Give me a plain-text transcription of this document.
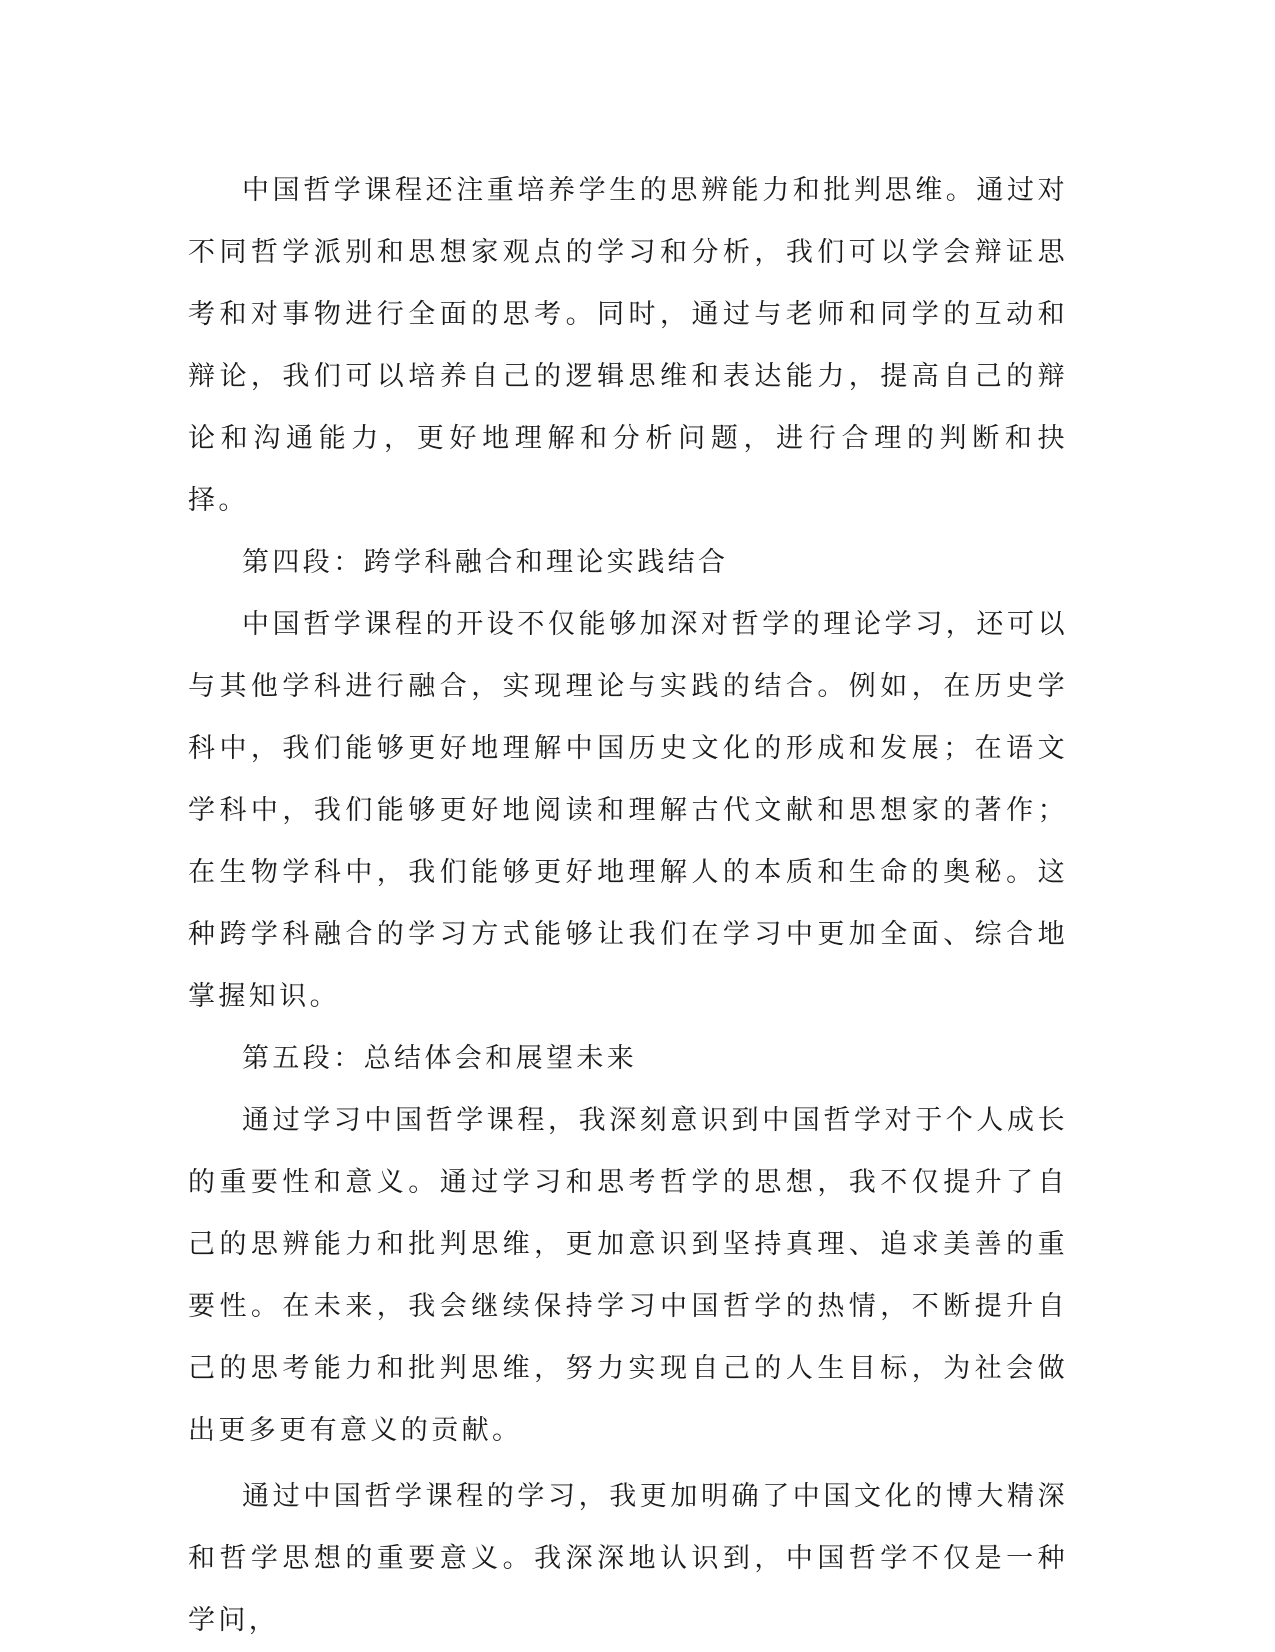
中国哲学课程还注重培养学生的思辨能力和批判思维。通过对不同哲学派别和思想家观点的学习和分析，我们可以学会辩证思考和对事物进行全面的思考。同时，通过与老师和同学的互动和辩论，我们可以培养自己的逻辑思维和表达能力，提高自己的辩论和沟通能力，更好地理解和分析问题，进行合理的判断和抉择。

第四段：跨学科融合和理论实践结合

中国哲学课程的开设不仅能够加深对哲学的理论学习，还可以与其他学科进行融合，实现理论与实践的结合。例如，在历史学科中，我们能够更好地理解中国历史文化的形成和发展；在语文学科中，我们能够更好地阅读和理解古代文献和思想家的著作；在生物学科中，我们能够更好地理解人的本质和生命的奥秘。这种跨学科融合的学习方式能够让我们在学习中更加全面、综合地掌握知识。

第五段：总结体会和展望未来

通过学习中国哲学课程，我深刻意识到中国哲学对于个人成长的重要性和意义。通过学习和思考哲学的思想，我不仅提升了自己的思辨能力和批判思维，更加意识到坚持真理、追求美善的重要性。在未来，我会继续保持学习中国哲学的热情，不断提升自己的思考能力和批判思维，努力实现自己的人生目标，为社会做出更多更有意义的贡献。

通过中国哲学课程的学习，我更加明确了中国文化的博大精深和哲学思想的重要意义。我深深地认识到，中国哲学不仅是一种学问，
